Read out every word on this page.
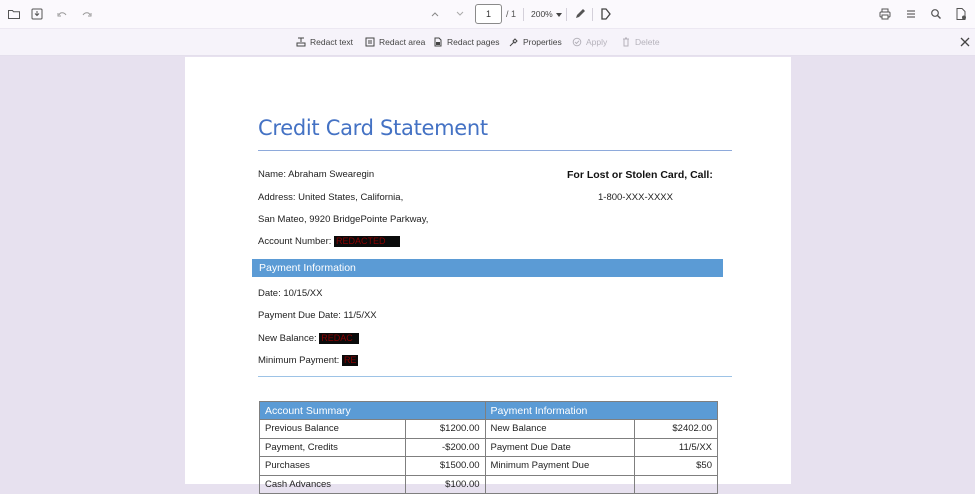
1	/ 1 200%
Redact text	Redact area	Redact pages	Properties	Apply	Delete
Credit Card Statement
Name: Abraham Swearegin
Address: United States, California,
San Mateo, 9920 BridgePointe Parkway,
Account Number: REDACTED
For Lost or Stolen Card, Call:
1-800-XXX-XXXX
Payment Information
Date: 10/15/XX
Payment Due Date: 11/5/XX
New Balance: REDAC
Minimum Payment: RE
Account Summary		Payment Information	
Previous Balance	$1200.00	New Balance	$2402.00
Payment, Credits	-$200.00	Payment Due Date	11/5/XX
Purchases	$1500.00	Minimum Payment Due	$50
Cash Advances	$100.00		
